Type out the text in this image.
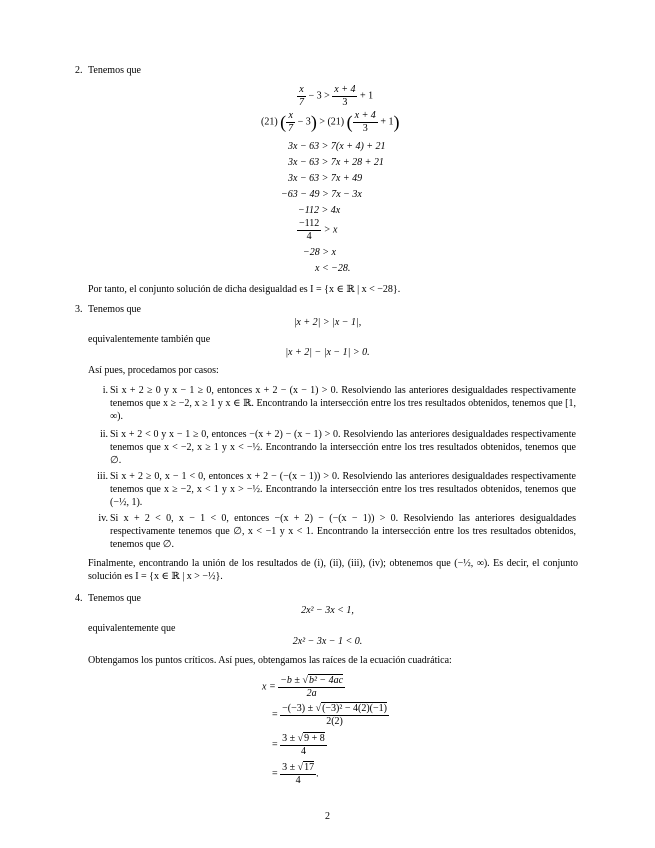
2. Tenemos que
$\frac{x}{7} - 3 > \frac{x + 4}{3} + 1$
(21) ( $\frac{x}{7} - 3) > (21)$ ( $\frac{x + 4}{3} + 1$)
3x − 63 > 7(x + 4) + 21
3x − 63 > 7x + 28 + 21
3x − 63 > 7x + 49
−63 − 49 > 7x − 3x
−112 > 4x
$\frac{-112}{4} > x$
−28 > x
x < −28.
Por tanto, el conjunto solución de dicha desigualdad es I = {x ∈ ℝ | x < −28}.
3. Tenemos que
|x + 2| > |x − 1|,
equivalentemente también que
|x + 2| − |x − 1| > 0.
Así pues, procedamos por casos:
i. Si x + 2 ≥ 0 y x − 1 ≥ 0, entonces x + 2 − (x − 1) > 0. Resolviendo las anteriores desigualdades respectivamente tenemos que x ≥ −2, x ≥ 1 y x ∈ ℝ. Encontrando la intersección entre los tres resultados obtenidos, tenemos que [1, ∞).
ii. Si x + 2 < 0 y x − 1 ≥ 0, entonces −(x + 2) − (x − 1) > 0. Resolviendo las anteriores desigualdades respectivamente tenemos que x < −2, x ≥ 1 y x < −½. Encontrando la intersección entre los tres resultados obtenidos, tenemos que ∅.
iii. Si x + 2 ≥ 0, x − 1 < 0, entonces x + 2 − (−(x − 1)) > 0. Resolviendo las anteriores desigualdades respectivamente tenemos que x ≥ −2, x < 1 y x > −½. Encontrando la intersección entre los tres resultados obtenidos, tenemos que (−½, 1).
iv. Si x + 2 < 0, x − 1 < 0, entonces −(x + 2) − (−(x − 1)) > 0. Resolviendo las anteriores desigualdades respectivamente tenemos que ∅, x < −1 y x < 1. Encontrando la intersección entre los tres resultados obtenidos, tenemos que ∅.
Finalmente, encontrando la unión de los resultados de (i), (ii), (iii), (iv); obtenemos que (−½, ∞). Es decir, el conjunto solución es I = {x ∈ ℝ | x > −½}.
4. Tenemos que
2x² − 3x < 1,
equivalentemente que
2x² − 3x − 1 < 0.
Obtengamos los puntos críticos. Así pues, obtengamos las raíces de la ecuación cuadrática:
$x = \frac{\text{−b ± √b² − 4ac}}{2a}$
= $\frac{\text{−(−3) ± √(−3)² − 4(2)(−1)}}{2(2)}$
= $\frac{3 \pm √9 + 8}{4}$
= $\frac{3 \pm √17}{4}$ .
2
